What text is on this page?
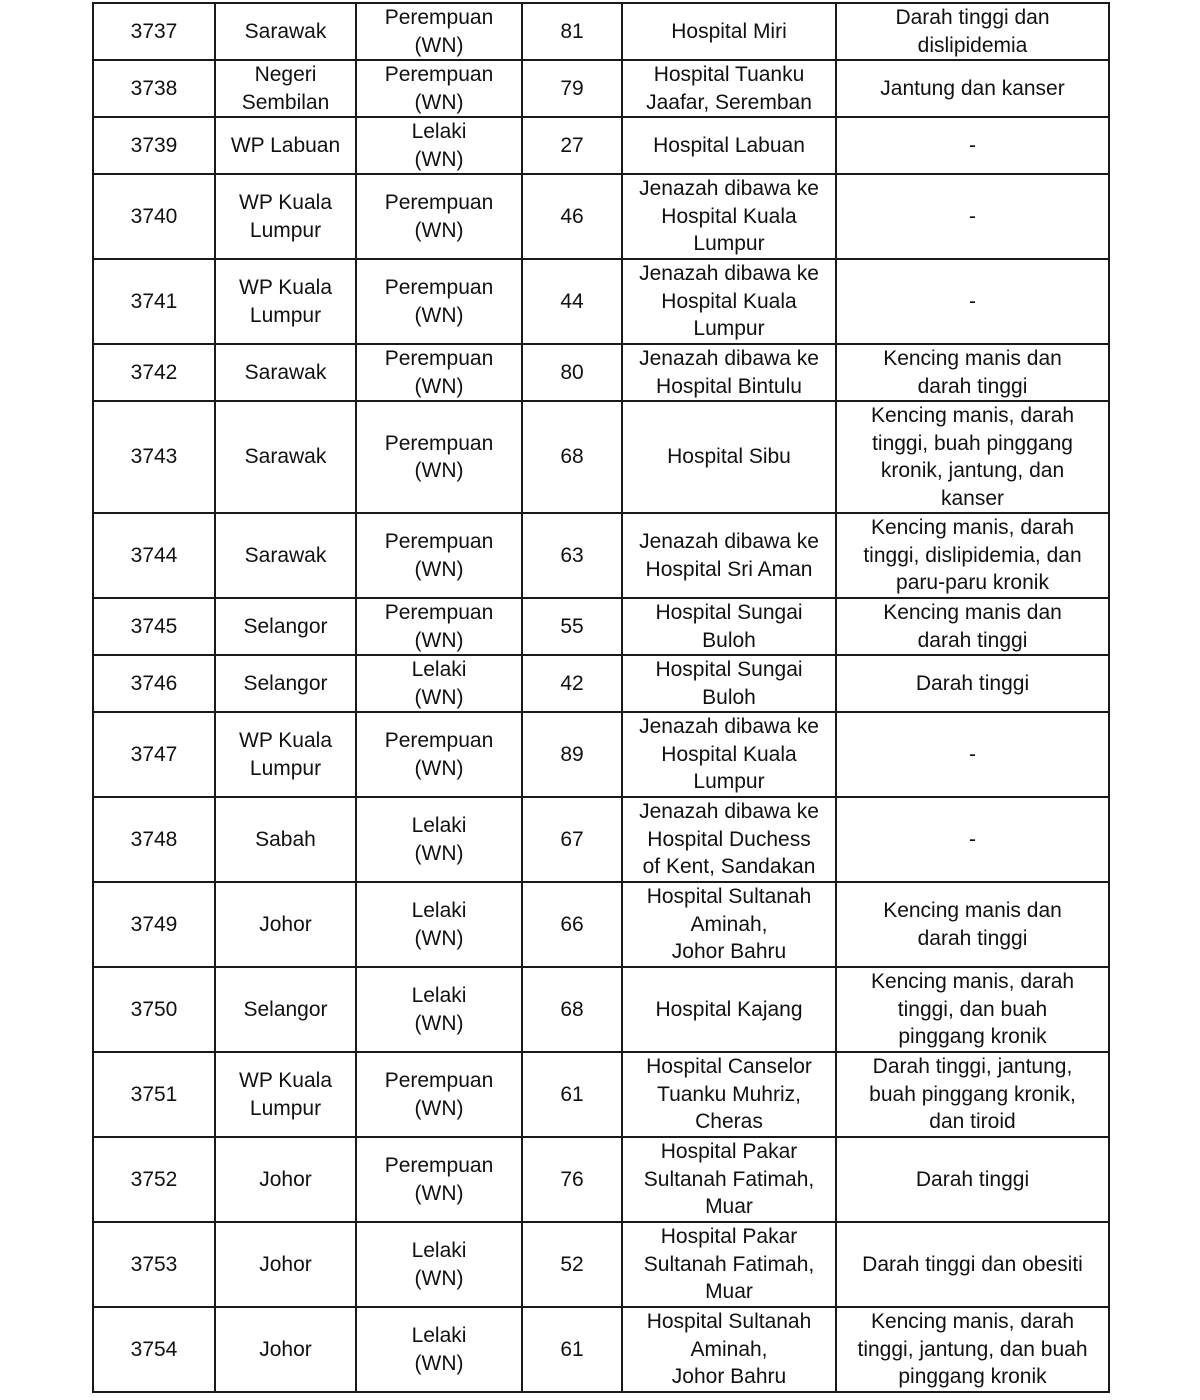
3737	Sarawak	Perempuan
(WN)	81	Hospital Miri	Darah tinggi dan
dislipidemia

3738	Negeri
Sembilan	Perempuan
(WN)	79	Hospital Tuanku
Jaafar, Seremban	Jantung dan kanser

3739	WP Labuan	Lelaki
(WN)	27	Hospital Labuan	-

3740	WP Kuala
Lumpur	Perempuan
(WN)	46	Jenazah dibawa ke
Hospital Kuala
Lumpur	-

3741	WP Kuala
Lumpur	Perempuan
(WN)	44	Jenazah dibawa ke
Hospital Kuala
Lumpur	-

3742	Sarawak	Perempuan
(WN)	80	Jenazah dibawa ke
Hospital Bintulu	Kencing manis dan
darah tinggi

3743	Sarawak	Perempuan
(WN)	68	Hospital Sibu	Kencing manis, darah
tinggi, buah pinggang
kronik, jantung, dan
kanser

3744	Sarawak	Perempuan
(WN)	63	Jenazah dibawa ke
Hospital Sri Aman	Kencing manis, darah
tinggi, dislipidemia, dan
paru-paru kronik

3745	Selangor	Perempuan
(WN)	55	Hospital Sungai
Buloh	Kencing manis dan
darah tinggi

3746	Selangor	Lelaki
(WN)	42	Hospital Sungai
Buloh	Darah tinggi

3747	WP Kuala
Lumpur	Perempuan
(WN)	89	Jenazah dibawa ke
Hospital Kuala
Lumpur	-

3748	Sabah	Lelaki
(WN)	67	Jenazah dibawa ke
Hospital Duchess
of Kent, Sandakan	-

3749	Johor	Lelaki
(WN)	66	Hospital Sultanah
Aminah,
Johor Bahru	Kencing manis dan
darah tinggi

3750	Selangor	Lelaki
(WN)	68	Hospital Kajang	Kencing manis, darah
tinggi, dan buah
pinggang kronik

3751	WP Kuala
Lumpur	Perempuan
(WN)	61	Hospital Canselor
Tuanku Muhriz,
Cheras	Darah tinggi, jantung,
buah pinggang kronik,
dan tiroid

3752	Johor	Perempuan
(WN)	76	Hospital Pakar
Sultanah Fatimah,
Muar	Darah tinggi

3753	Johor	Lelaki
(WN)	52	Hospital Pakar
Sultanah Fatimah,
Muar	Darah tinggi dan obesiti

3754	Johor	Lelaki
(WN)	61	Hospital Sultanah
Aminah,
Johor Bahru	Kencing manis, darah
tinggi, jantung, dan buah
pinggang kronik
